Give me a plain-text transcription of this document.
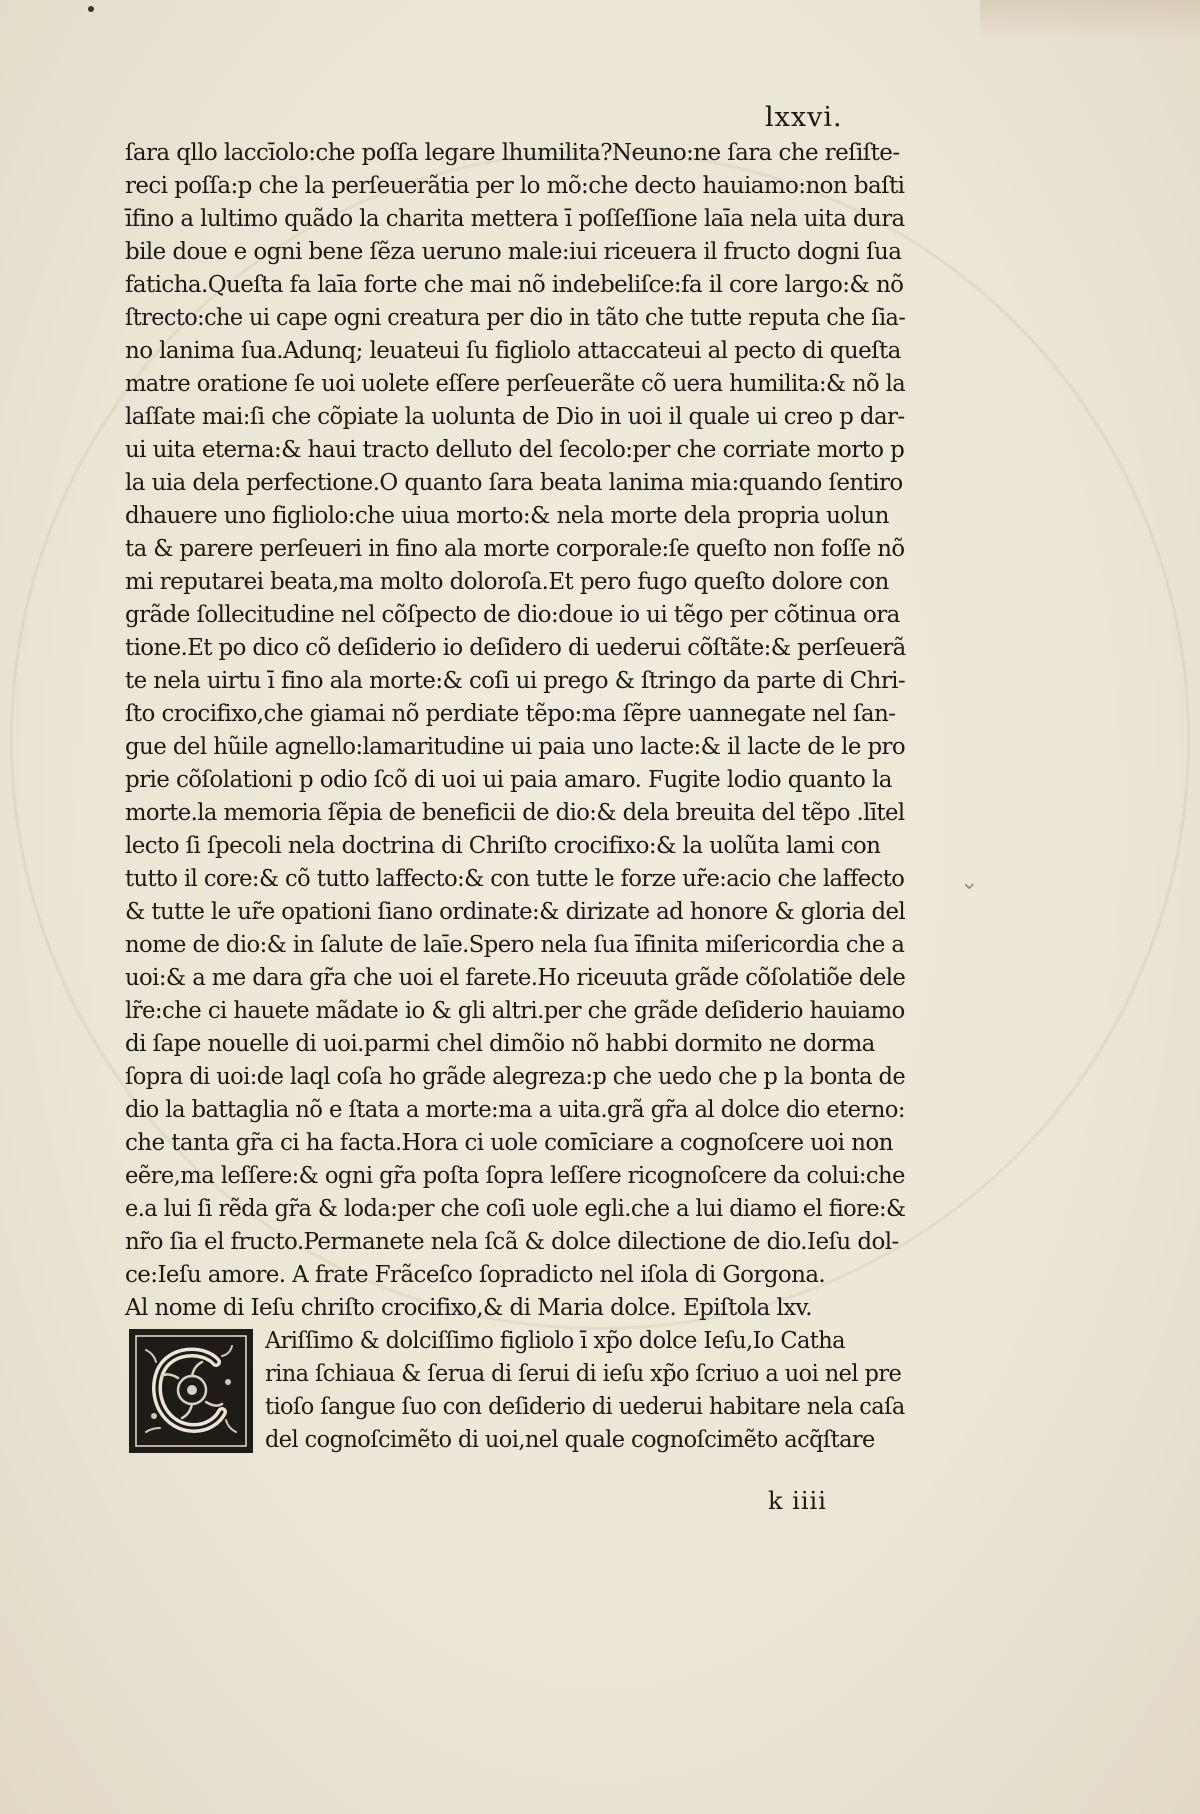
lxxvi.
ſara qllo laccīolo:che poſſa legare lhumilita?Neuno:ne ſara che reſiſte-
reci poſſa:p che la perſeuerãtia per lo mõ:che decto hauiamo:non baſti
īfino a lultimo quãdo la charita mettera ī poſſeſſione laīa nela uita dura
bile doue e ogni bene ſẽza ueruno male:iui riceuera il fructo dogni ſua
faticha.Queſta fa laīa forte che mai nõ indebeliſce:fa il core largo:& nõ
ſtrecto:che ui cape ogni creatura per dio in tãto che tutte reputa che ſia-
no lanima ſua.Adunq; leuateui ſu figliolo attaccateui al pecto di queſta
matre oratione ſe uoi uolete eſſere perſeuerãte cõ uera humilita:& nõ la
laſſate mai:ſi che cõpiate la uolunta de Dio in uoi il quale ui creo p dar-
ui uita eterna:& haui tracto delluto del ſecolo:per che corriate morto p
la uia dela perfectione.O quanto ſara beata lanima mia:quando ſentiro
dhauere uno figliolo:che uiua morto:& nela morte dela propria uolun
ta & parere perſeueri in fino ala morte corporale:ſe queſto non foſſe nõ
mi reputarei beata,ma molto doloroſa.Et pero fugo queſto dolore con
grãde ſollecitudine nel cõſpecto de dio:doue io ui tẽgo per cõtinua ora
tione.Et po dico cõ deſiderio io deſidero di uederui cõſtãte:& perſeuerã
te nela uirtu ī fino ala morte:& coſi ui prego & ſtringo da parte di Chri-
ſto crocifixo,che giamai nõ perdiate tẽpo:ma ſẽpre uannegate nel ſan-
gue del hũile agnello:lamaritudine ui paia uno lacte:& il lacte de le pro
prie cõſolationi p odio ſcõ di uoi ui paia amaro. Fugite lodio quanto la
morte.la memoria ſẽpia de beneficii de dio:& dela breuita del tẽpo .lītel
lecto ſi ſpecoli nela doctrina di Chriſto crocifixo:& la uolũta lami con
tutto il core:& cõ tutto laffecto:& con tutte le forze ur̃e:acio che laffecto
& tutte le ur̃e opationi ſiano ordinate:& dirizate ad honore & gloria del
nome de dio:& in ſalute de laīe.Spero nela ſua īfinita miſericordia che a
uoi:& a me dara gr̃a che uoi el farete.Ho riceuuta grãde cõſolatiõe dele
lr̃e:che ci hauete mãdate io & gli altri.per che grãde deſiderio hauiamo
di ſape nouelle di uoi.parmi chel dimõio nõ habbi dormito ne dorma
ſopra di uoi:de laql coſa ho grãde alegreza:p che uedo che p la bonta de
dio la battaglia nõ e ſtata a morte:ma a uita.grã gr̃a al dolce dio eterno:
che tanta gr̃a ci ha facta.Hora ci uole comīciare a cognoſcere uoi non
eẽre,ma leſſere:& ogni gr̃a poſta ſopra leſſere ricognoſcere da colui:che
e.a lui ſi rẽda gr̃a & loda:per che coſi uole egli.che a lui diamo el fiore:&
nr̃o ſia el fructo.Permanete nela ſcã & dolce dilectione de dio.Ieſu dol-
ce:Ieſu amore. A frate Frãceſco ſopradicto nel iſola di Gorgona.
Al nome di Ieſu chriſto crocifixo,& di Maria dolce. Epiſtola lxv.
Ariſſimo & dolciſſimo figliolo ī xp̃o dolce Ieſu,Io Catha
rina ſchiaua & ſerua di ſerui di ieſu xp̃o ſcriuo a uoi nel pre
tioſo ſangue ſuo con deſiderio di uederui habitare nela caſa
del cognoſcimẽto di uoi,nel quale cognoſcimẽto acq̃ſtare
k iiii
⌄
